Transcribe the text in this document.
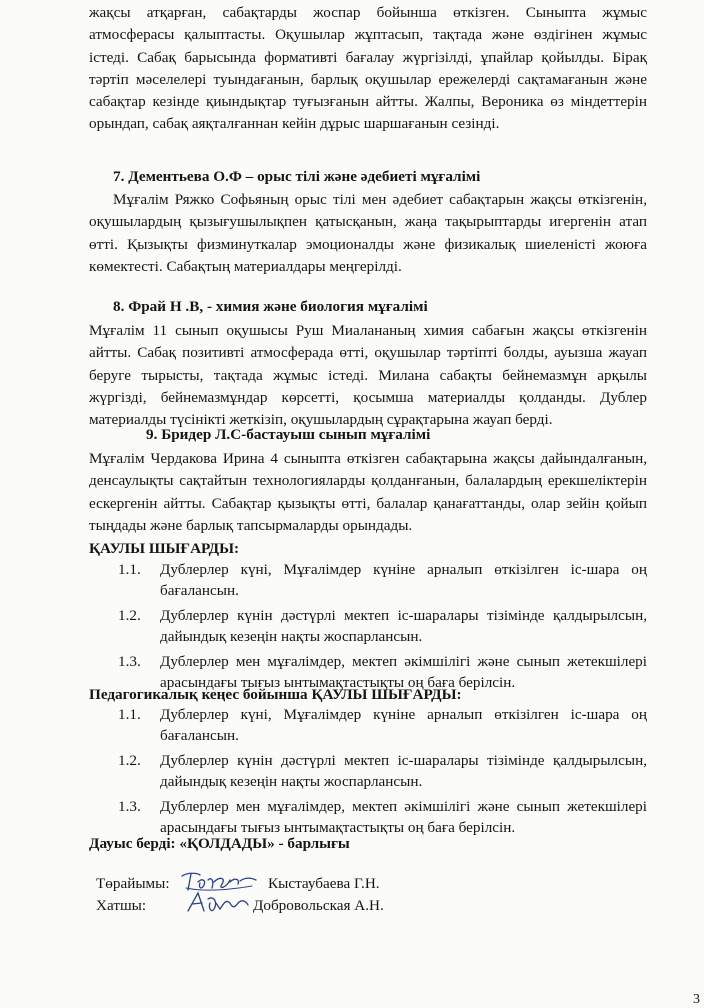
жақсы атқарған, сабақтарды жоспар бойынша өткізген. Сыныпта жұмыс атмосферасы қалыптасты. Оқушылар жұптасып, тақтада және өздігінен жұмыс істеді. Сабақ барысында формативті бағалау жүргізілді, ұпайлар қойылды. Бірақ тәртіп мәселелері туындағанын, барлық оқушылар ережелерді сақтамағанын және сабақтар кезінде қиындықтар туғызғанын айтты. Жалпы, Вероника өз міндеттерін орындап, сабақ аяқталғаннан кейін дұрыс шаршағанын сезінді.

7. Дементьева О.Ф – орыс тілі және әдебиеті мұғалімі

Мұғалім Ряжко Софьяның орыс тілі мен әдебиет сабақтарын жақсы өткізгенін, оқушылардың қызығушылықпен қатысқанын, жаңа тақырыптарды игергенін атап өтті. Қызықты физминуткалар эмоционалды және физикалық шиеленісті жоюға көмектесті. Сабақтың материалдары меңгерілді.

8. Фрай Н .В, - химия және биология мұғалімі

Мұғалім 11 сынып оқушысы Руш Миалананың химия сабағын жақсы өткізгенін айтты. Сабақ позитивті атмосферада өтті, оқушылар тәртіпті болды, ауызша жауап беруге тырысты, тақтада жұмыс істеді. Милана сабақты бейнемазмұн арқылы жүргізді, бейнемазмұндар көрсетті, қосымша материалды қолданды. Дублер материалды түсінікті жеткізіп, оқушылардың сұрақтарына жауап берді.

9. Бридер Л.С-бастауыш сынып мұғалімі

Мұғалім Чердакова Ирина 4 сыныпта өткізген сабақтарына жақсы дайындалғанын, денсаулықты сақтайтын технологияларды қолданғанын, балалардың ерекшеліктерін ескергенін айтты. Сабақтар қызықты өтті, балалар қанағаттанды, олар зейін қойып тыңдады және барлық тапсырмаларды орындады.

ҚАУЛЫ ШЫҒАРДЫ:

1.1. Дублерлер күні, Мұғалімдер күніне арналып өткізілген іс-шара оң бағалансын.
1.2. Дублерлер күнін дәстүрлі мектеп іс-шаралары тізімінде қалдырылсын, дайындық кезеңін нақты жоспарлансын.
1.3. Дублерлер мен мұғалімдер, мектеп әкімшілігі және сынып жетекшілері арасындағы тығыз ынтымақтастықты оң баға берілсін.

Педагогикалық кеңес бойынша ҚАУЛЫ ШЫҒАРДЫ:

1.1. Дублерлер күні, Мұғалімдер күніне арналып өткізілген іс-шара оң бағалансын.
1.2. Дублерлер күнін дәстүрлі мектеп іс-шаралары тізімінде қалдырылсын, дайындық кезеңін нақты жоспарлансын.
1.3. Дублерлер мен мұғалімдер, мектеп әкімшілігі және сынып жетекшілері арасындағы тығыз ынтымақтастықты оң баға берілсін.

Дауыс берді: «ҚОЛДАДЫ» - барлығы

Төрайымы:	Кыстаубаева Г.Н.
Хатшы:	Добровольская А.Н.
3
